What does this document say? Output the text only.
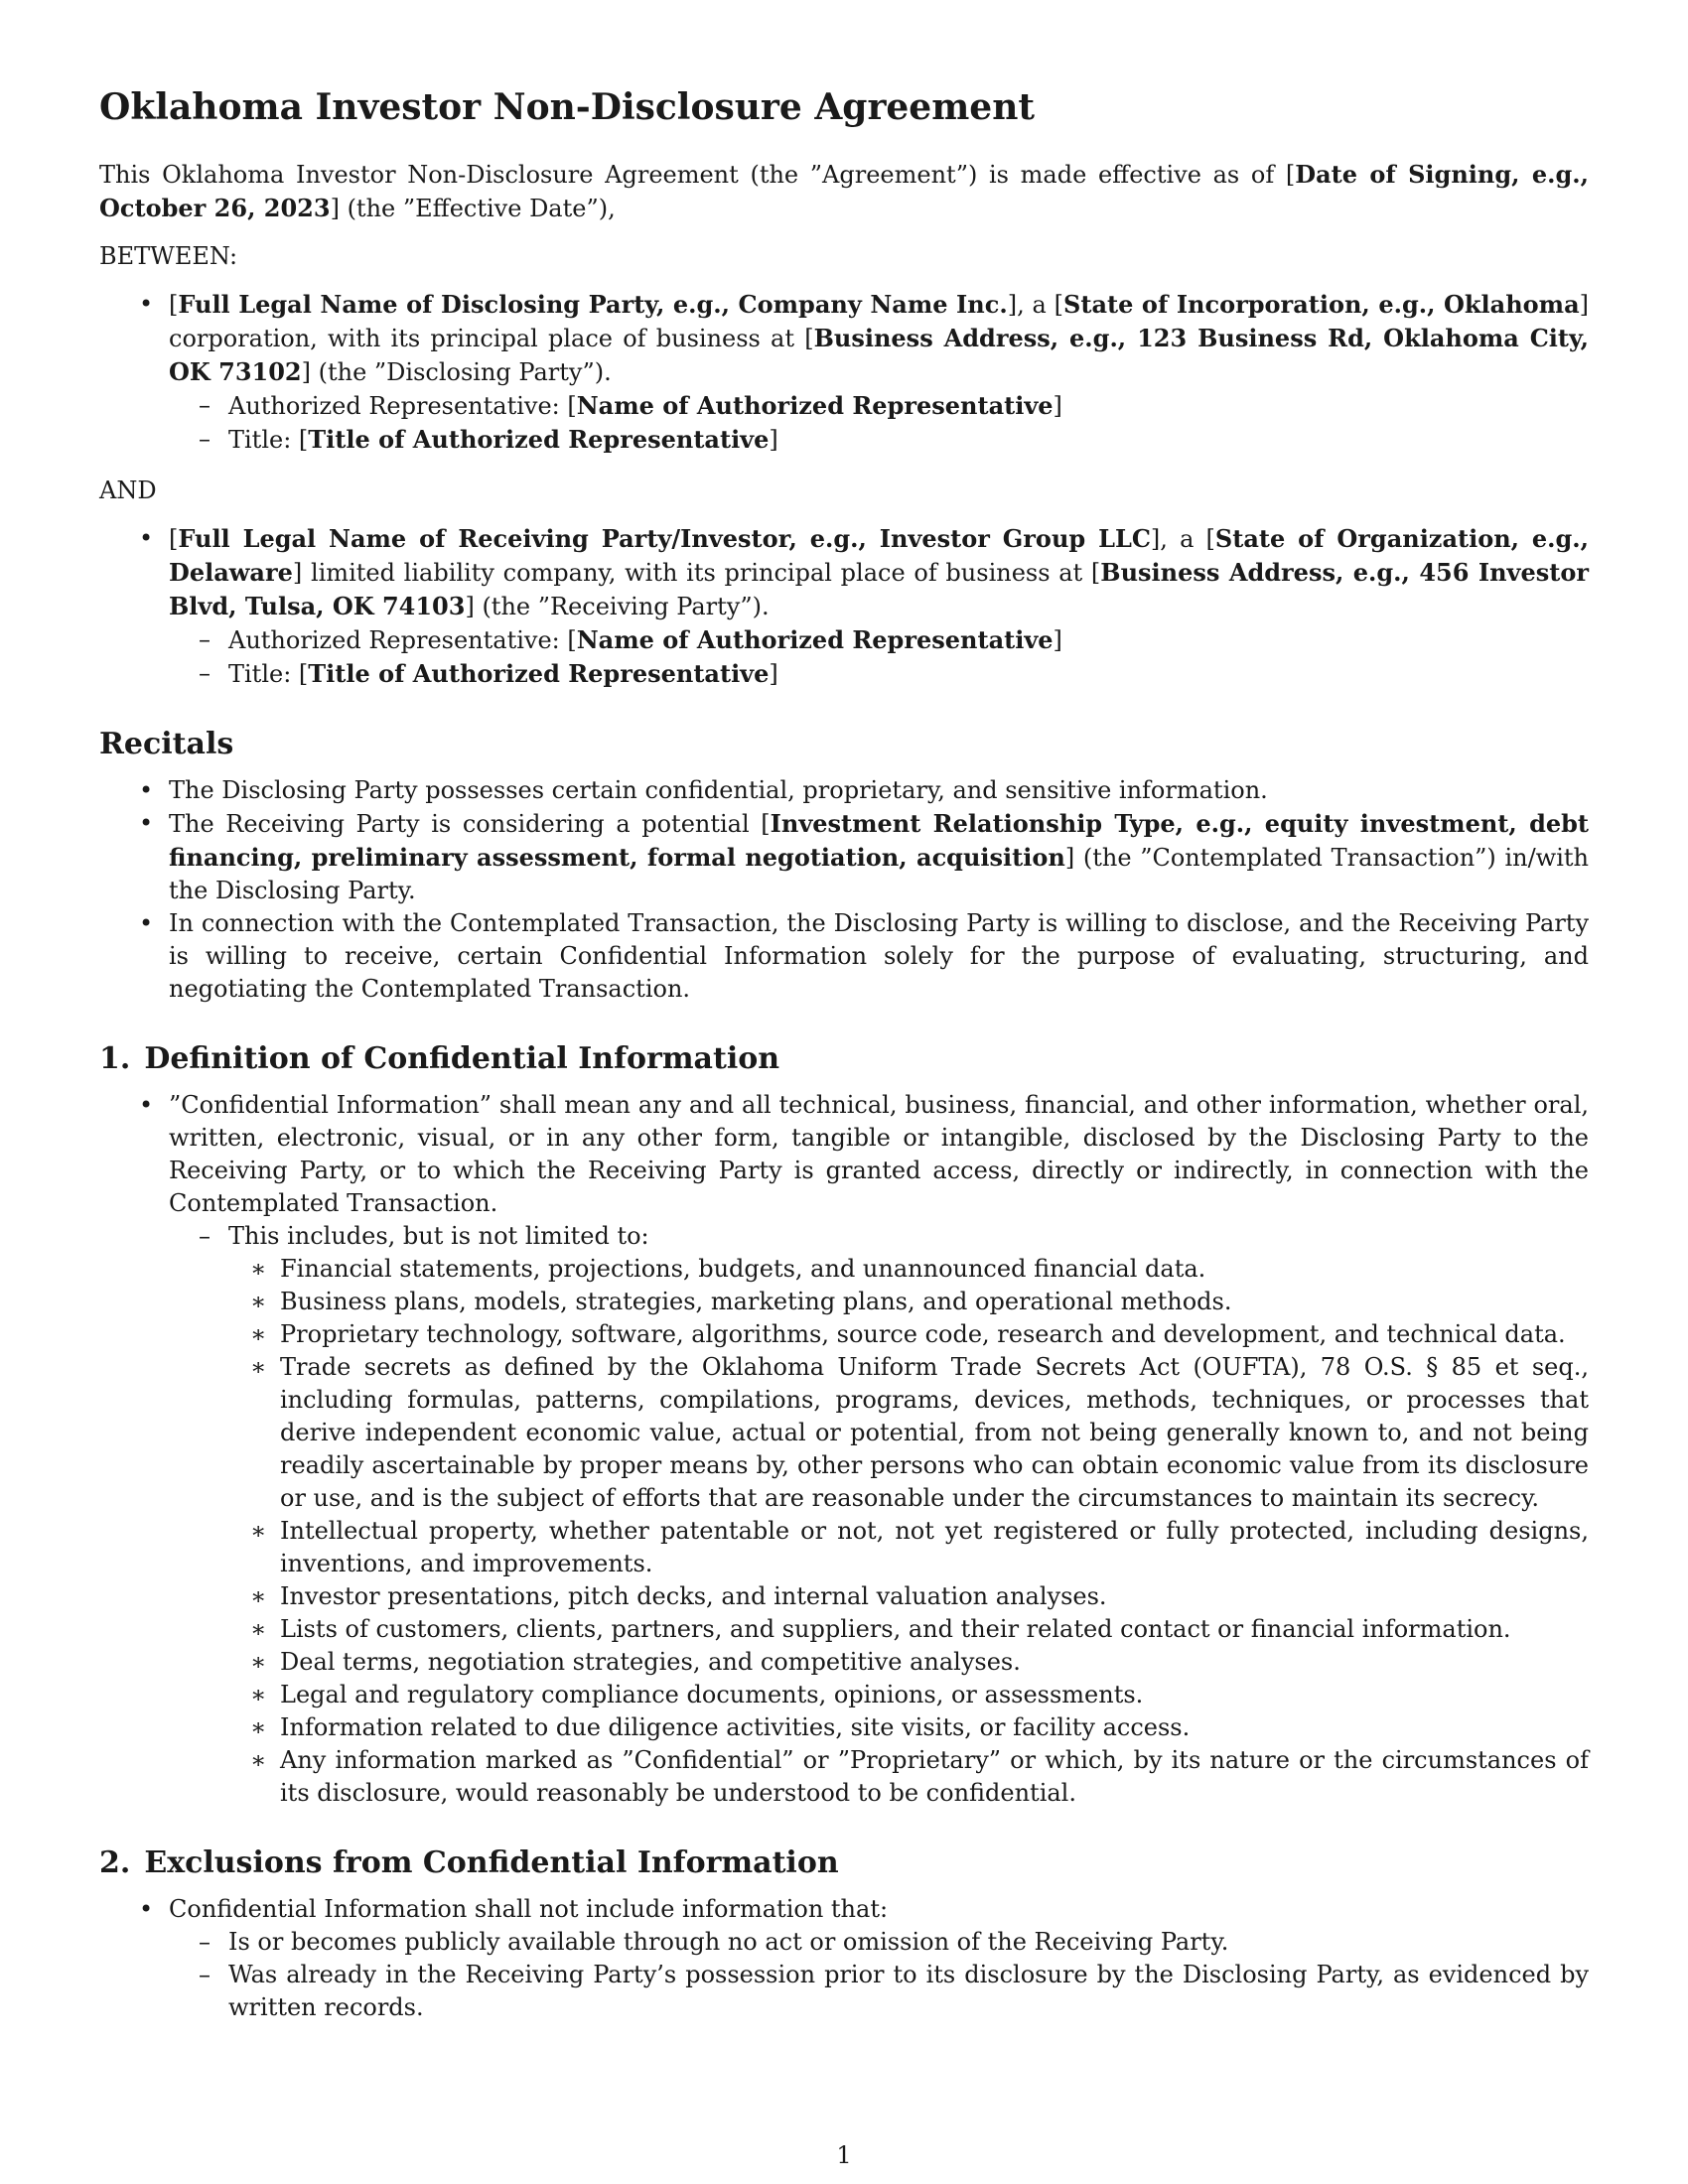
Oklahoma Investor Non-Disclosure Agreement

This Oklahoma Investor Non-Disclosure Agreement (the ”Agreement”) is made effective as of [Date of Signing, e.g., October 26, 2023] (the ”Effective Date”),

BETWEEN:

• [Full Legal Name of Disclosing Party, e.g., Company Name Inc.], a [State of Incorporation, e.g., Oklahoma] corporation, with its principal place of business at [Business Address, e.g., 123 Business Rd, Oklahoma City, OK 73102] (the ”Disclosing Party”).
– Authorized Representative: [Name of Authorized Representative]
– Title: [Title of Authorized Representative]

AND

• [Full Legal Name of Receiving Party/Investor, e.g., Investor Group LLC], a [State of Organization, e.g., Delaware] limited liability company, with its principal place of business at [Business Address, e.g., 456 Investor Blvd, Tulsa, OK 74103] (the ”Receiving Party”).
– Authorized Representative: [Name of Authorized Representative]
– Title: [Title of Authorized Representative]
Recitals
• The Disclosing Party possesses certain confidential, proprietary, and sensitive information.
• The Receiving Party is considering a potential [Investment Relationship Type, e.g., equity investment, debt financing, preliminary assessment, formal negotiation, acquisition] (the ”Contemplated Transaction”) in/with the Disclosing Party.
• In connection with the Contemplated Transaction, the Disclosing Party is willing to disclose, and the Receiving Party is willing to receive, certain Confidential Information solely for the purpose of evaluating, structuring, and negotiating the Contemplated Transaction.
1. Definition of Confidential Information
• ”Confidential Information” shall mean any and all technical, business, financial, and other information, whether oral, written, electronic, visual, or in any other form, tangible or intangible, disclosed by the Disclosing Party to the Receiving Party, or to which the Receiving Party is granted access, directly or indirectly, in connection with the Contemplated Transaction.
– This includes, but is not limited to:
∗ Financial statements, projections, budgets, and unannounced financial data.
∗ Business plans, models, strategies, marketing plans, and operational methods.
∗ Proprietary technology, software, algorithms, source code, research and development, and technical data.
∗ Trade secrets as defined by the Oklahoma Uniform Trade Secrets Act (OUFTA), 78 O.S. § 85 et seq., including formulas, patterns, compilations, programs, devices, methods, techniques, or processes that derive independent economic value, actual or potential, from not being generally known to, and not being readily ascertainable by proper means by, other persons who can obtain economic value from its disclosure or use, and is the subject of efforts that are reasonable under the circumstances to maintain its secrecy.
∗ Intellectual property, whether patentable or not, not yet registered or fully protected, including designs, inventions, and improvements.
∗ Investor presentations, pitch decks, and internal valuation analyses.
∗ Lists of customers, clients, partners, and suppliers, and their related contact or financial information.
∗ Deal terms, negotiation strategies, and competitive analyses.
∗ Legal and regulatory compliance documents, opinions, or assessments.
∗ Information related to due diligence activities, site visits, or facility access.
∗ Any information marked as ”Confidential” or ”Proprietary” or which, by its nature or the circumstances of its disclosure, would reasonably be understood to be confidential.
2. Exclusions from Confidential Information
• Confidential Information shall not include information that:
– Is or becomes publicly available through no act or omission of the Receiving Party.
– Was already in the Receiving Party’s possession prior to its disclosure by the Disclosing Party, as evidenced by written records.
1
